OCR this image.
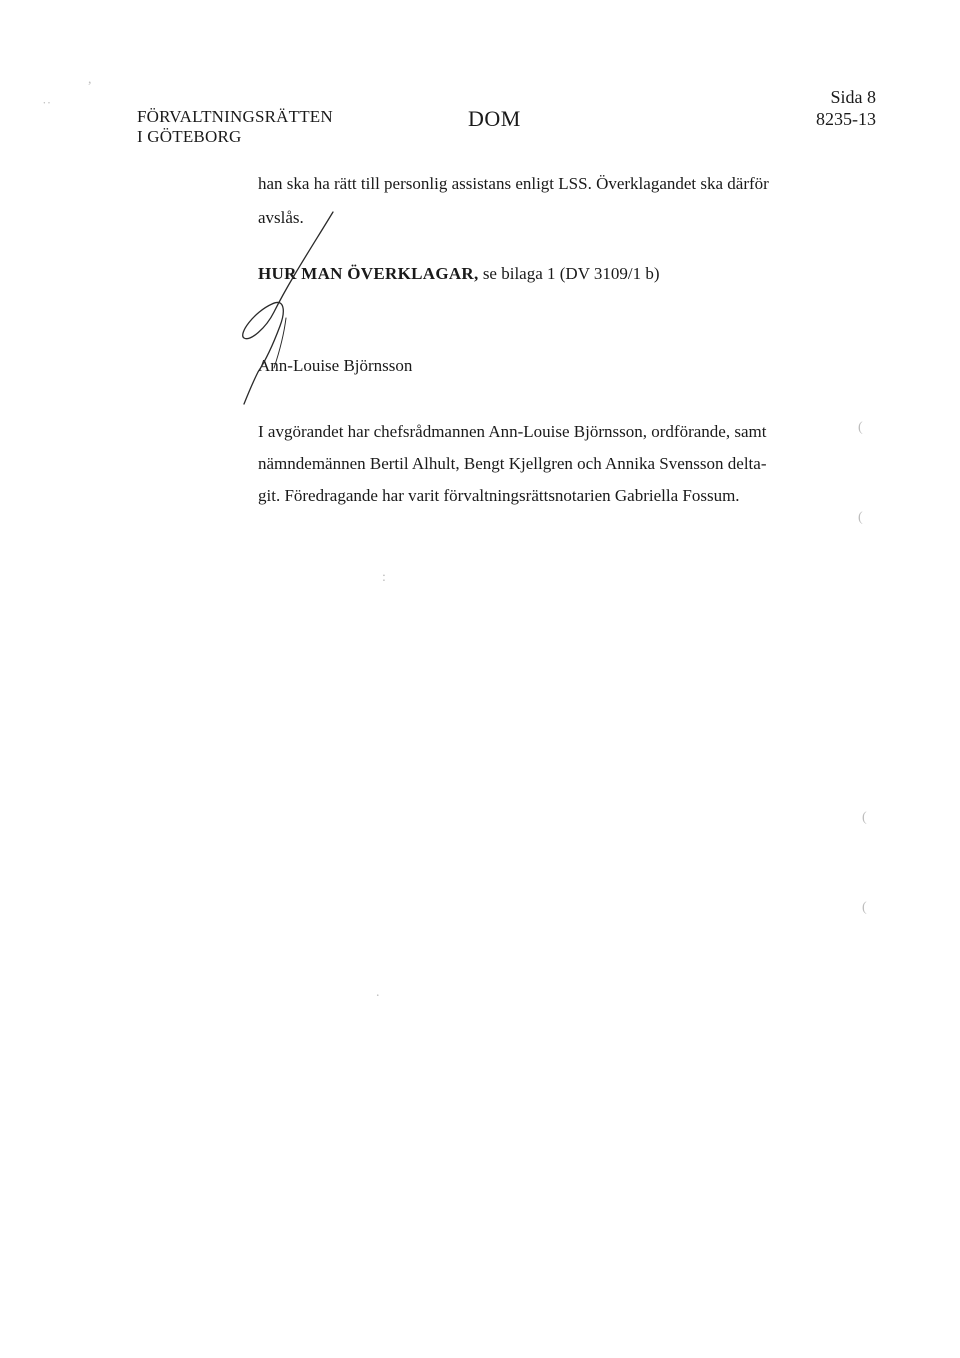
FÖRVALTNINGSRÄTTEN
I GÖTEBORG
DOM
Sida 8
8235-13
han ska ha rätt till personlig assistans enligt LSS. Överklagandet ska därför
avslås.
HUR MAN ÖVERKLAGAR, se bilaga 1 (DV 3109/1 b)
Ann-Louise Björnsson
I avgörandet har chefsrådmannen Ann-Louise Björnsson, ordförande, samt
nämndemännen Bertil Alhult, Bengt Kjellgren och Annika Svensson delta-
git. Föredragande har varit förvaltningsrättsnotarien Gabriella Fossum.
˙˙
,
(
(
(
(
:
.
